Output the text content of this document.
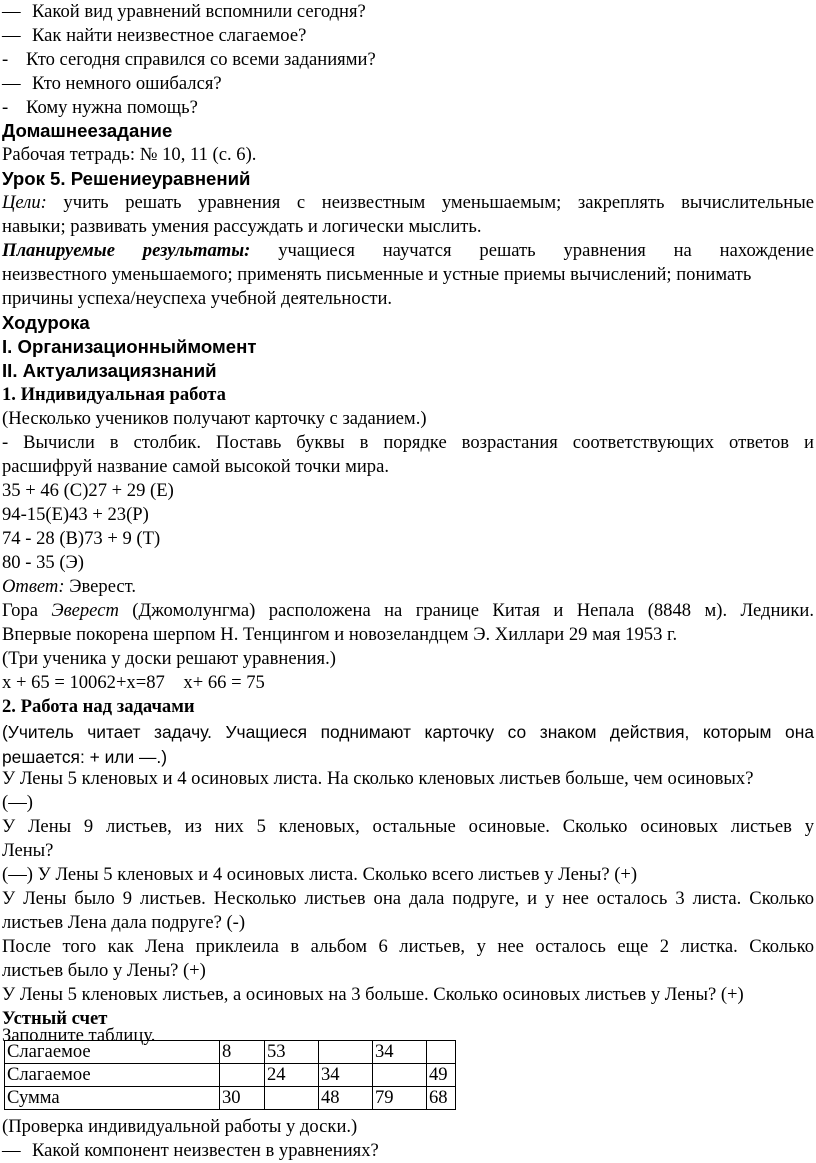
— Какой вид уравнений вспомнили сегодня?
— Как найти неизвестное слагаемое?
- Кто сегодня справился со всеми заданиями?
— Кто немного ошибался?
- Кому нужна помощь?
Домашнеезадание
Рабочая тетрадь: № 10, 11 (с. 6).
Урок 5. Решениеуравнений
Цели: учить решать уравнения с неизвестным уменьшаемым; закреплять вычислительные
навыки; развивать умения рассуждать и логически мыслить.
Планируемые результаты: учащиеся научатся решать уравнения на нахождение
неизвестного уменьшаемого; применять письменные и устные приемы вычислений; понимать
причины успеха/неуспеха учебной деятельности.
Ходурока
I. Организационныймомент
II. Актуализациязнаний
1. Индивидуальная работа
(Несколько учеников получают карточку с заданием.)
- Вычисли в столбик. Поставь буквы в порядке возрастания соответствующих ответов и
расшифруй название самой высокой точки мира.
35 + 46 (С)27 + 29 (Е)
94-15(Е)43 + 23(Р)
74 - 28 (В)73 + 9 (Т)
80 - 35 (Э)
Ответ: Эверест.
Гора Эверест (Джомолунгма) расположена на границе Китая и Непала (8848 м). Ледники.
Впервые покорена шерпом Н. Тенцингом и новозеландцем Э. Хиллари 29 мая 1953 г.
(Три ученика у доски решают уравнения.)
x + 65 = 10062+x=87    x+ 66 = 75
2. Работа над задачами
(Учитель читает задачу. Учащиеся поднимают карточку со знаком действия, которым она
решается: + или —.)
У Лены 5 кленовых и 4 осиновых листа. На сколько кленовых листьев больше, чем осиновых?
(—)
У Лены 9 листьев, из них 5 кленовых, остальные осиновые. Сколько осиновых листьев у
Лены?
(—) У Лены 5 кленовых и 4 осиновых листа. Сколько всего листьев у Лены? (+)
У Лены было 9 листьев. Несколько листьев она дала подруге, и у нее осталось 3 листа. Сколько
листьев Лена дала подруге? (-)
После того как Лена приклеила в альбом 6 листьев, у нее осталось еще 2 листка. Сколько
листьев было у Лены? (+)
У Лены 5 кленовых листьев, а осиновых на 3 больше. Сколько осиновых листьев у Лены? (+)
Устный счет
Заполните таблицу.
Слагаемое	8	53		34	
Слагаемое		24	34		49
Сумма	30		48	79	68
(Проверка индивидуальной работы у доски.)
— Какой компонент неизвестен в уравнениях?
